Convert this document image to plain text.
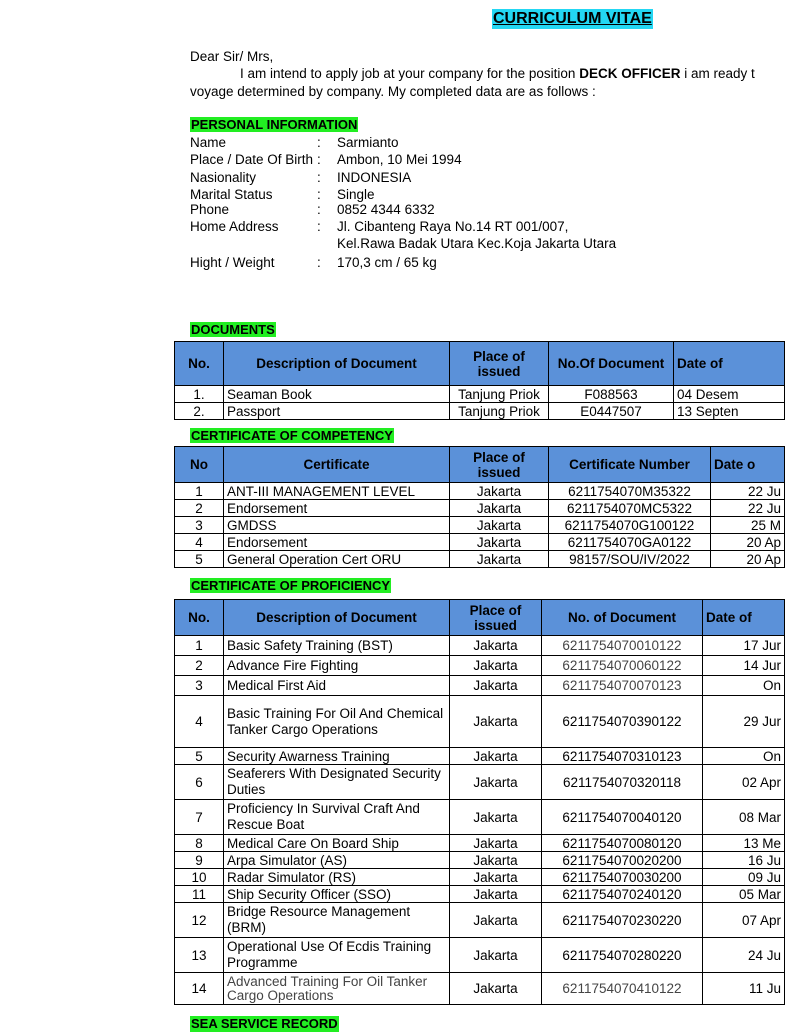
CURRICULUM VITAE
Dear Sir/ Mrs,
I am intend to apply job at your company for the position DECK OFFICER i am ready t
voyage determined by company. My completed data are as follows :
PERSONAL INFORMATION
Name	: Sarmianto
Place / Date Of Birth : Ambon, 10 Mei 1994
Nasionality	: INDONESIA
Marital Status	: Single
Phone	: 0852 4344 6332
Home Address	: Jl. Cibanteng Raya No.14 RT 001/007,
Kel.Rawa Badak Utara Kec.Koja Jakarta Utara
Hight / Weight	: 170,3 cm / 65 kg
DOCUMENTS
No.	Description of Document	Place of issued	No.Of Document	Date of
1.	Seaman Book	Tanjung Priok	F088563	04 Desem
2.	Passport	Tanjung Priok	E0447507	13 Septen
CERTIFICATE OF COMPETENCY
No	Certificate	Place of issued	Certificate Number	Date o
1	ANT-III MANAGEMENT LEVEL	Jakarta	6211754070M35322	22 Ju
2	Endorsement	Jakarta	6211754070MC5322	22 Ju
3	GMDSS	Jakarta	6211754070G100122	25 M
4	Endorsement	Jakarta	6211754070GA0122	20 Ap
5	General Operation Cert ORU	Jakarta	98157/SOU/IV/2022	20 Ap
CERTIFICATE OF PROFICIENCY
No.	Description of Document	Place of issued	No. of Document	Date of
1	Basic Safety Training (BST)	Jakarta	6211754070010122	17 Jur
2	Advance Fire Fighting	Jakarta	6211754070060122	14 Jur
3	Medical First Aid	Jakarta	6211754070070123	On
4	Basic Training For Oil And Chemical Tanker Cargo Operations	Jakarta	6211754070390122	29 Jur
5	Security Awarness Training	Jakarta	6211754070310123	On
6	Seaferers With Designated Security Duties	Jakarta	6211754070320118	02 Apr
7	Proficiency In Survival Craft And Rescue Boat	Jakarta	6211754070040120	08 Mar
8	Medical Care On Board Ship	Jakarta	6211754070080120	13 Me
9	Arpa Simulator (AS)	Jakarta	6211754070020200	16 Ju
10	Radar Simulator (RS)	Jakarta	6211754070030200	09 Ju
11	Ship Security Officer (SSO)	Jakarta	6211754070240120	05 Mar
12	Bridge Resource Management (BRM)	Jakarta	6211754070230220	07 Apr
13	Operational Use Of Ecdis Training Programme	Jakarta	6211754070280220	24 Ju
14	Advanced Training For Oil Tanker Cargo Operations	Jakarta	6211754070410122	11 Ju
SEA SERVICE RECORD
